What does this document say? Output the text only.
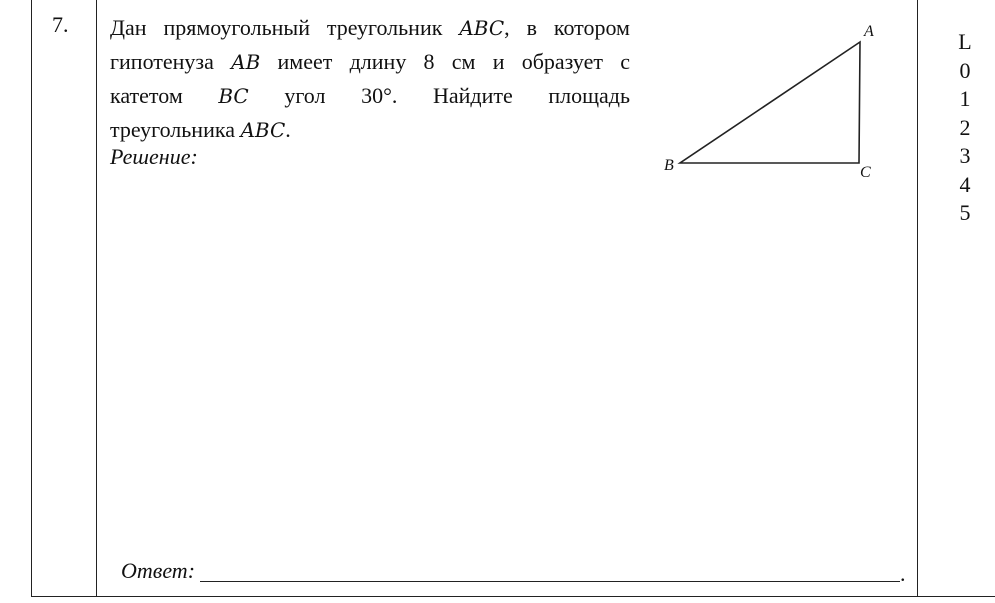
7. Дан прямоугольный треугольник ABC, в котором
гипотенуза AB имеет длину 8 см и образует с
катетом BC угол 30°. Найдите площадь
треугольника ABC.
Решение:
A
B	C
Ответ:	.
L
0
1
2
3
4
5
